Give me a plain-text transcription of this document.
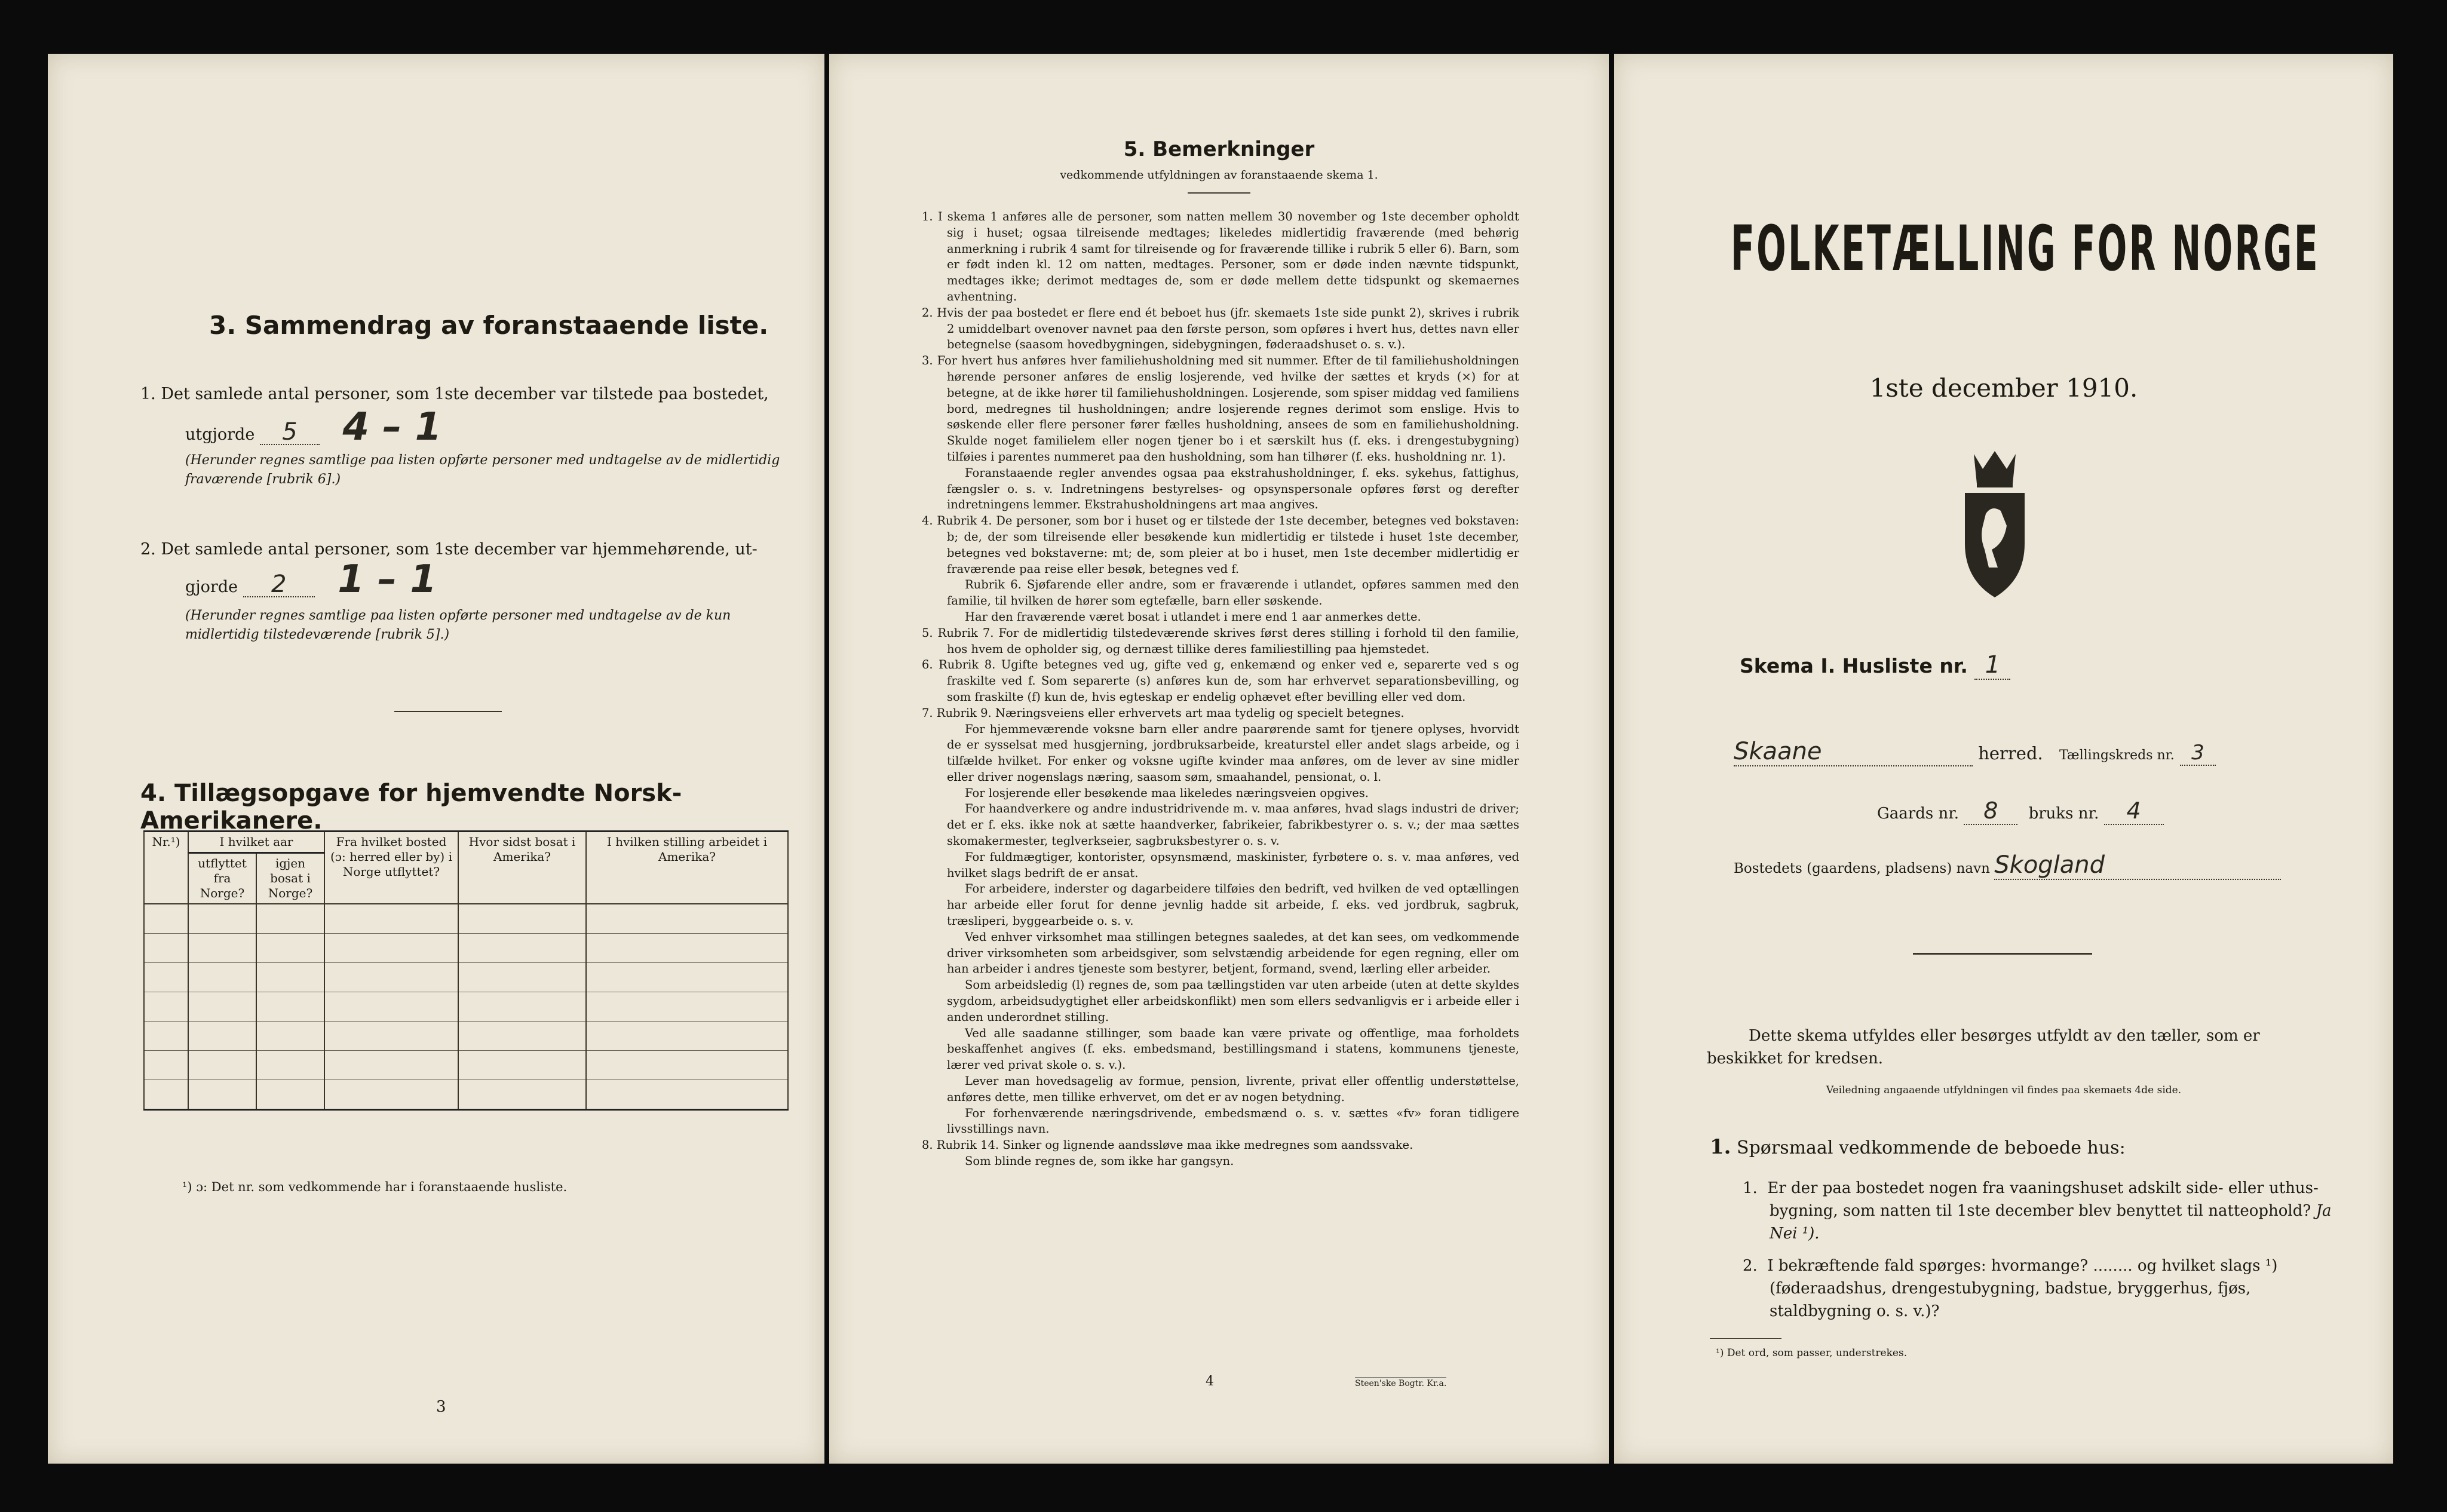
3. Sammendrag av foranstaaende liste.
1. Det samlede antal personer, som 1ste december var tilstede paa bostedet,
utgjorde 5 4 – 1
(Herunder regnes samtlige paa listen opførte personer med undtagelse av de midlertidig fraværende [rubrik 6].)
2. Det samlede antal personer, som 1ste december var hjemmehørende, ut-
gjorde 2 1 – 1
(Herunder regnes samtlige paa listen opførte personer med undtagelse av de kun midlertidig tilstedeværende [rubrik 5].)
4. Tillægsopgave for hjemvendte Norsk-Amerikanere.
Nr.¹)	I hvilket aar		Fra hvilket bosted (ɔ: herred eller by) i Norge utflyttet?	Hvor sidst bosat i Amerika?	I hvilken stilling arbeidet i Amerika?
	utflyttet fra Norge?	igjen bosat i Norge?			

¹) ɔ: Det nr. som vedkommende har i foranstaaende husliste.
3
5. Bemerkninger
vedkommende utfyldningen av foranstaaende skema 1.

1. I skema 1 anføres alle de personer, som natten mellem 30 november og 1ste december opholdt sig i huset; ogsaa tilreisende medtages; likeledes midlertidig fraværende (med behørig anmerkning i rubrik 4 samt for tilreisende og for fraværende tillike i rubrik 5 eller 6). Barn, som er født inden kl. 12 om natten, medtages. Personer, som er døde inden nævnte tidspunkt, medtages ikke; derimot medtages de, som er døde mellem dette tidspunkt og skemaernes avhentning.

2. Hvis der paa bostedet er flere end ét beboet hus (jfr. skemaets 1ste side punkt 2), skrives i rubrik 2 umiddelbart ovenover navnet paa den første person, som opføres i hvert hus, dettes navn eller betegnelse (saasom hovedbygningen, sidebygningen, føderaadshuset o. s. v.).

3. For hvert hus anføres hver familiehusholdning med sit nummer. Efter de til familiehusholdningen hørende personer anføres de enslig losjerende, ved hvilke der sættes et kryds (×) for at betegne, at de ikke hører til familiehusholdningen. Losjerende, som spiser middag ved familiens bord, medregnes til husholdningen; andre losjerende regnes derimot som enslige. Hvis to søskende eller flere personer fører fælles husholdning, ansees de som en familiehusholdning. Skulde noget familielem eller nogen tjener bo i et særskilt hus (f. eks. i drengestubygning) tilføies i parentes nummeret paa den husholdning, som han tilhører (f. eks. husholdning nr. 1).

Foranstaaende regler anvendes ogsaa paa ekstrahusholdninger, f. eks. sykehus, fattighus, fængsler o. s. v. Indretningens bestyrelses- og opsynspersonale opføres først og derefter indretningens lemmer. Ekstrahusholdningens art maa angives.

4. Rubrik 4. De personer, som bor i huset og er tilstede der 1ste december, betegnes ved bokstaven: b; de, der som tilreisende eller besøkende kun midlertidig er tilstede i huset 1ste december, betegnes ved bokstaverne: mt; de, som pleier at bo i huset, men 1ste december midlertidig er fraværende paa reise eller besøk, betegnes ved f.

Rubrik 6. Sjøfarende eller andre, som er fraværende i utlandet, opføres sammen med den familie, til hvilken de hører som egtefælle, barn eller søskende.

Har den fraværende været bosat i utlandet i mere end 1 aar anmerkes dette.

5. Rubrik 7. For de midlertidig tilstedeværende skrives først deres stilling i forhold til den familie, hos hvem de opholder sig, og dernæst tillike deres familiestilling paa hjemstedet.

6. Rubrik 8. Ugifte betegnes ved ug, gifte ved g, enkemænd og enker ved e, separerte ved s og fraskilte ved f. Som separerte (s) anføres kun de, som har erhvervet separationsbevilling, og som fraskilte (f) kun de, hvis egteskap er endelig ophævet efter bevilling eller ved dom.

7. Rubrik 9. Næringsveiens eller erhvervets art maa tydelig og specielt betegnes.

For hjemmeværende voksne barn eller andre paarørende samt for tjenere oplyses, hvorvidt de er sysselsat med husgjerning, jordbruksarbeide, kreaturstel eller andet slags arbeide, og i tilfælde hvilket. For enker og voksne ugifte kvinder maa anføres, om de lever av sine midler eller driver nogenslags næring, saasom søm, smaahandel, pensionat, o. l.

For losjerende eller besøkende maa likeledes næringsveien opgives.

For haandverkere og andre industridrivende m. v. maa anføres, hvad slags industri de driver; det er f. eks. ikke nok at sætte haandverker, fabrikeier, fabrikbestyrer o. s. v.; der maa sættes skomakermester, teglverkseier, sagbruksbestyrer o. s. v.

For fuldmægtiger, kontorister, opsynsmænd, maskinister, fyrbøtere o. s. v. maa anføres, ved hvilket slags bedrift de er ansat.

For arbeidere, inderster og dagarbeidere tilføies den bedrift, ved hvilken de ved optællingen har arbeide eller forut for denne jevnlig hadde sit arbeide, f. eks. ved jordbruk, sagbruk, træsliperi, byggearbeide o. s. v.

Ved enhver virksomhet maa stillingen betegnes saaledes, at det kan sees, om vedkommende driver virksomheten som arbeidsgiver, som selvstændig arbeidende for egen regning, eller om han arbeider i andres tjeneste som bestyrer, betjent, formand, svend, lærling eller arbeider.

Som arbeidsledig (l) regnes de, som paa tællingstiden var uten arbeide (uten at dette skyldes sygdom, arbeidsudygtighet eller arbeidskonflikt) men som ellers sedvanligvis er i arbeide eller i anden underordnet stilling.

Ved alle saadanne stillinger, som baade kan være private og offentlige, maa forholdets beskaffenhet angives (f. eks. embedsmand, bestillingsmand i statens, kommunens tjeneste, lærer ved privat skole o. s. v.).

Lever man hovedsagelig av formue, pension, livrente, privat eller offentlig understøttelse, anføres dette, men tillike erhvervet, om det er av nogen betydning.

For forhenværende næringsdrivende, embedsmænd o. s. v. sættes «fv» foran tidligere livsstillings navn.

8. Rubrik 14. Sinker og lignende aandssløve maa ikke medregnes som aandssvake.

Som blinde regnes de, som ikke har gangsyn.

4	Steen'ske Bogtr. Kr.a.
FOLKETÆLLING FOR NORGE
1ste december 1910.
Skema I. Husliste nr. 1
Skaane	herred. Tællingskreds nr. 3
Gaards nr. 8 bruks nr. 4
Bostedets (gaardens, pladsens) navn Skogland
Dette skema utfyldes eller besørges utfyldt av den tæller, som er beskikket for kredsen.
Veiledning angaaende utfyldningen vil findes paa skemaets 4de side.
1. Spørsmaal vedkommende de beboede hus:
1. Er der paa bostedet nogen fra vaaningshuset adskilt side- eller uthus-bygning, som natten til 1ste december blev benyttet til natteophold? Ja Nei ¹).
2. I bekræftende fald spørges: hvormange? ........ og hvilket slags ¹) (føderaadshus, drengestubygning, badstue, bryggerhus, fjøs, staldbygning o. s. v.)?
¹) Det ord, som passer, understrekes.
